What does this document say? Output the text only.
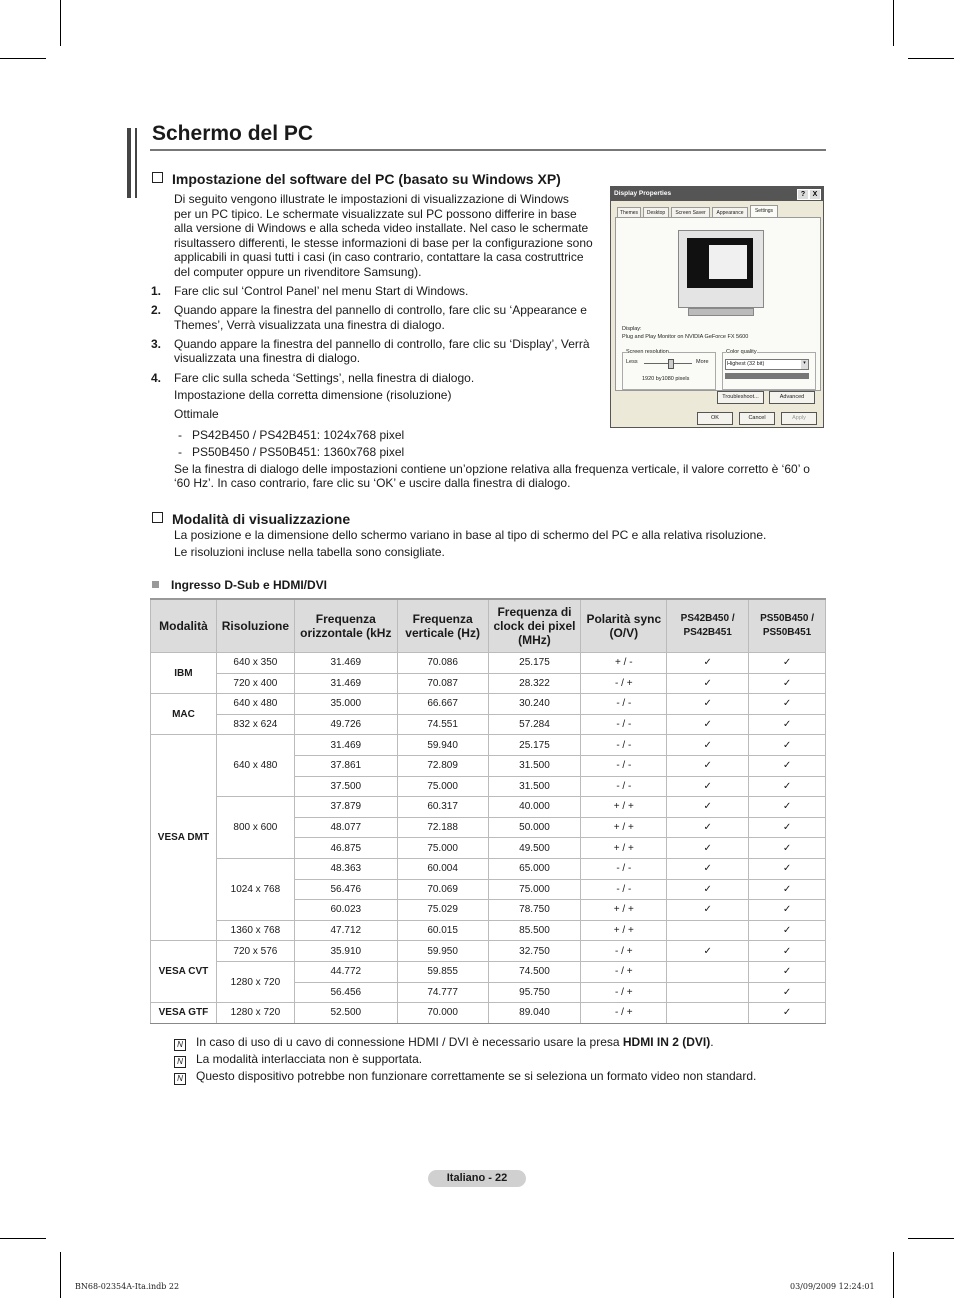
Schermo del PC
Impostazione del software del PC (basato su Windows XP)
Di seguito vengono illustrate le impostazioni di visualizzazione di Windows
per un PC tipico. Le schermate visualizzate sul PC possono differire in base
alla versione di Windows e alla scheda video installate. Nel caso le schermate
risultassero differenti, le stesse informazioni di base per la configurazione sono
applicabili in quasi tutti i casi (in caso contrario, contattare la casa costruttrice
del computer oppure un rivenditore Samsung).
1. Fare clic sul ‘Control Panel’ nel menu Start di Windows.
2. Quando appare la finestra del pannello di controllo, fare clic su ‘Appearance e
Themes’, Verrà visualizzata una finestra di dialogo.
3. Quando appare la finestra del pannello di controllo, fare clic su ‘Display’, Verrà
visualizzata una finestra di dialogo.
4. Fare clic sulla scheda ‘Settings’, nella finestra di dialogo.
Impostazione della corretta dimensione (risoluzione)
Ottimale
-   PS42B450 / PS42B451: 1024x768 pixel
-   PS50B450 / PS50B451: 1360x768 pixel
Se la finestra di dialogo delle impostazioni contiene un’opzione relativa alla frequenza verticale, il valore corretto è ‘60’ o
‘60 Hz’. In caso contrario, fare clic su ‘OK’ e uscire dalla finestra di dialogo.
Display Properties	?	X
Themes	Desktop	Screen Saver	Appearance	Settings
Display:
Plug and Play Monitor on NVIDIA GeForce FX 5600
Screen resolution
Less	More
1920 by1080 pixels
Color quality
Highest (32 bit)	▾
Troubleshoot...	Advanced
OK	Cancel	Apply
Modalità di visualizzazione
La posizione e la dimensione dello schermo variano in base al tipo di schermo del PC e alla relativa risoluzione.
Le risoluzioni incluse nella tabella sono consigliate.
Ingresso D-Sub e HDMI/DVI
Modalità	Risoluzione	Frequenza orizzontale (kHz	Frequenza verticale (Hz)	Frequenza di clock dei pixel (MHz)	Polarità sync (O/V)	PS42B450 / PS42B451	PS50B450 / PS50B451
IBM	640 x 350	31.469	70.086	25.175	+ / -	✓	✓
	720 x 400	31.469	70.087	28.322	- / +	✓	✓
MAC	640 x 480	35.000	66.667	30.240	- / -	✓	✓
	832 x 624	49.726	74.551	57.284	- / -	✓	✓
VESA DMT	640 x 480	31.469	59.940	25.175	- / -	✓	✓
		37.861	72.809	31.500	- / -	✓	✓
		37.500	75.000	31.500	- / -	✓	✓
	800 x 600	37.879	60.317	40.000	+ / +	✓	✓
		48.077	72.188	50.000	+ / +	✓	✓
		46.875	75.000	49.500	+ / +	✓	✓
	1024 x 768	48.363	60.004	65.000	- / -	✓	✓
		56.476	70.069	75.000	- / -	✓	✓
		60.023	75.029	78.750	+ / +	✓	✓
	1360 x 768	47.712	60.015	85.500	+ / +		✓
VESA CVT	720 x 576	35.910	59.950	32.750	- / +	✓	✓
	1280 x 720	44.772	59.855	74.500	- / +		✓
		56.456	74.777	95.750	- / +		✓
VESA GTF	1280 x 720	52.500	70.000	89.040	- / +		✓
N In caso di uso di u cavo di connessione HDMI / DVI è necessario usare la presa HDMI IN 2 (DVI).
N La modalità interlacciata non è supportata.
N Questo dispositivo potrebbe non funzionare correttamente se si seleziona un formato video non standard.
Italiano - 22
BN68-02354A-Ita.indb 22	03/09/2009 12:24:01
